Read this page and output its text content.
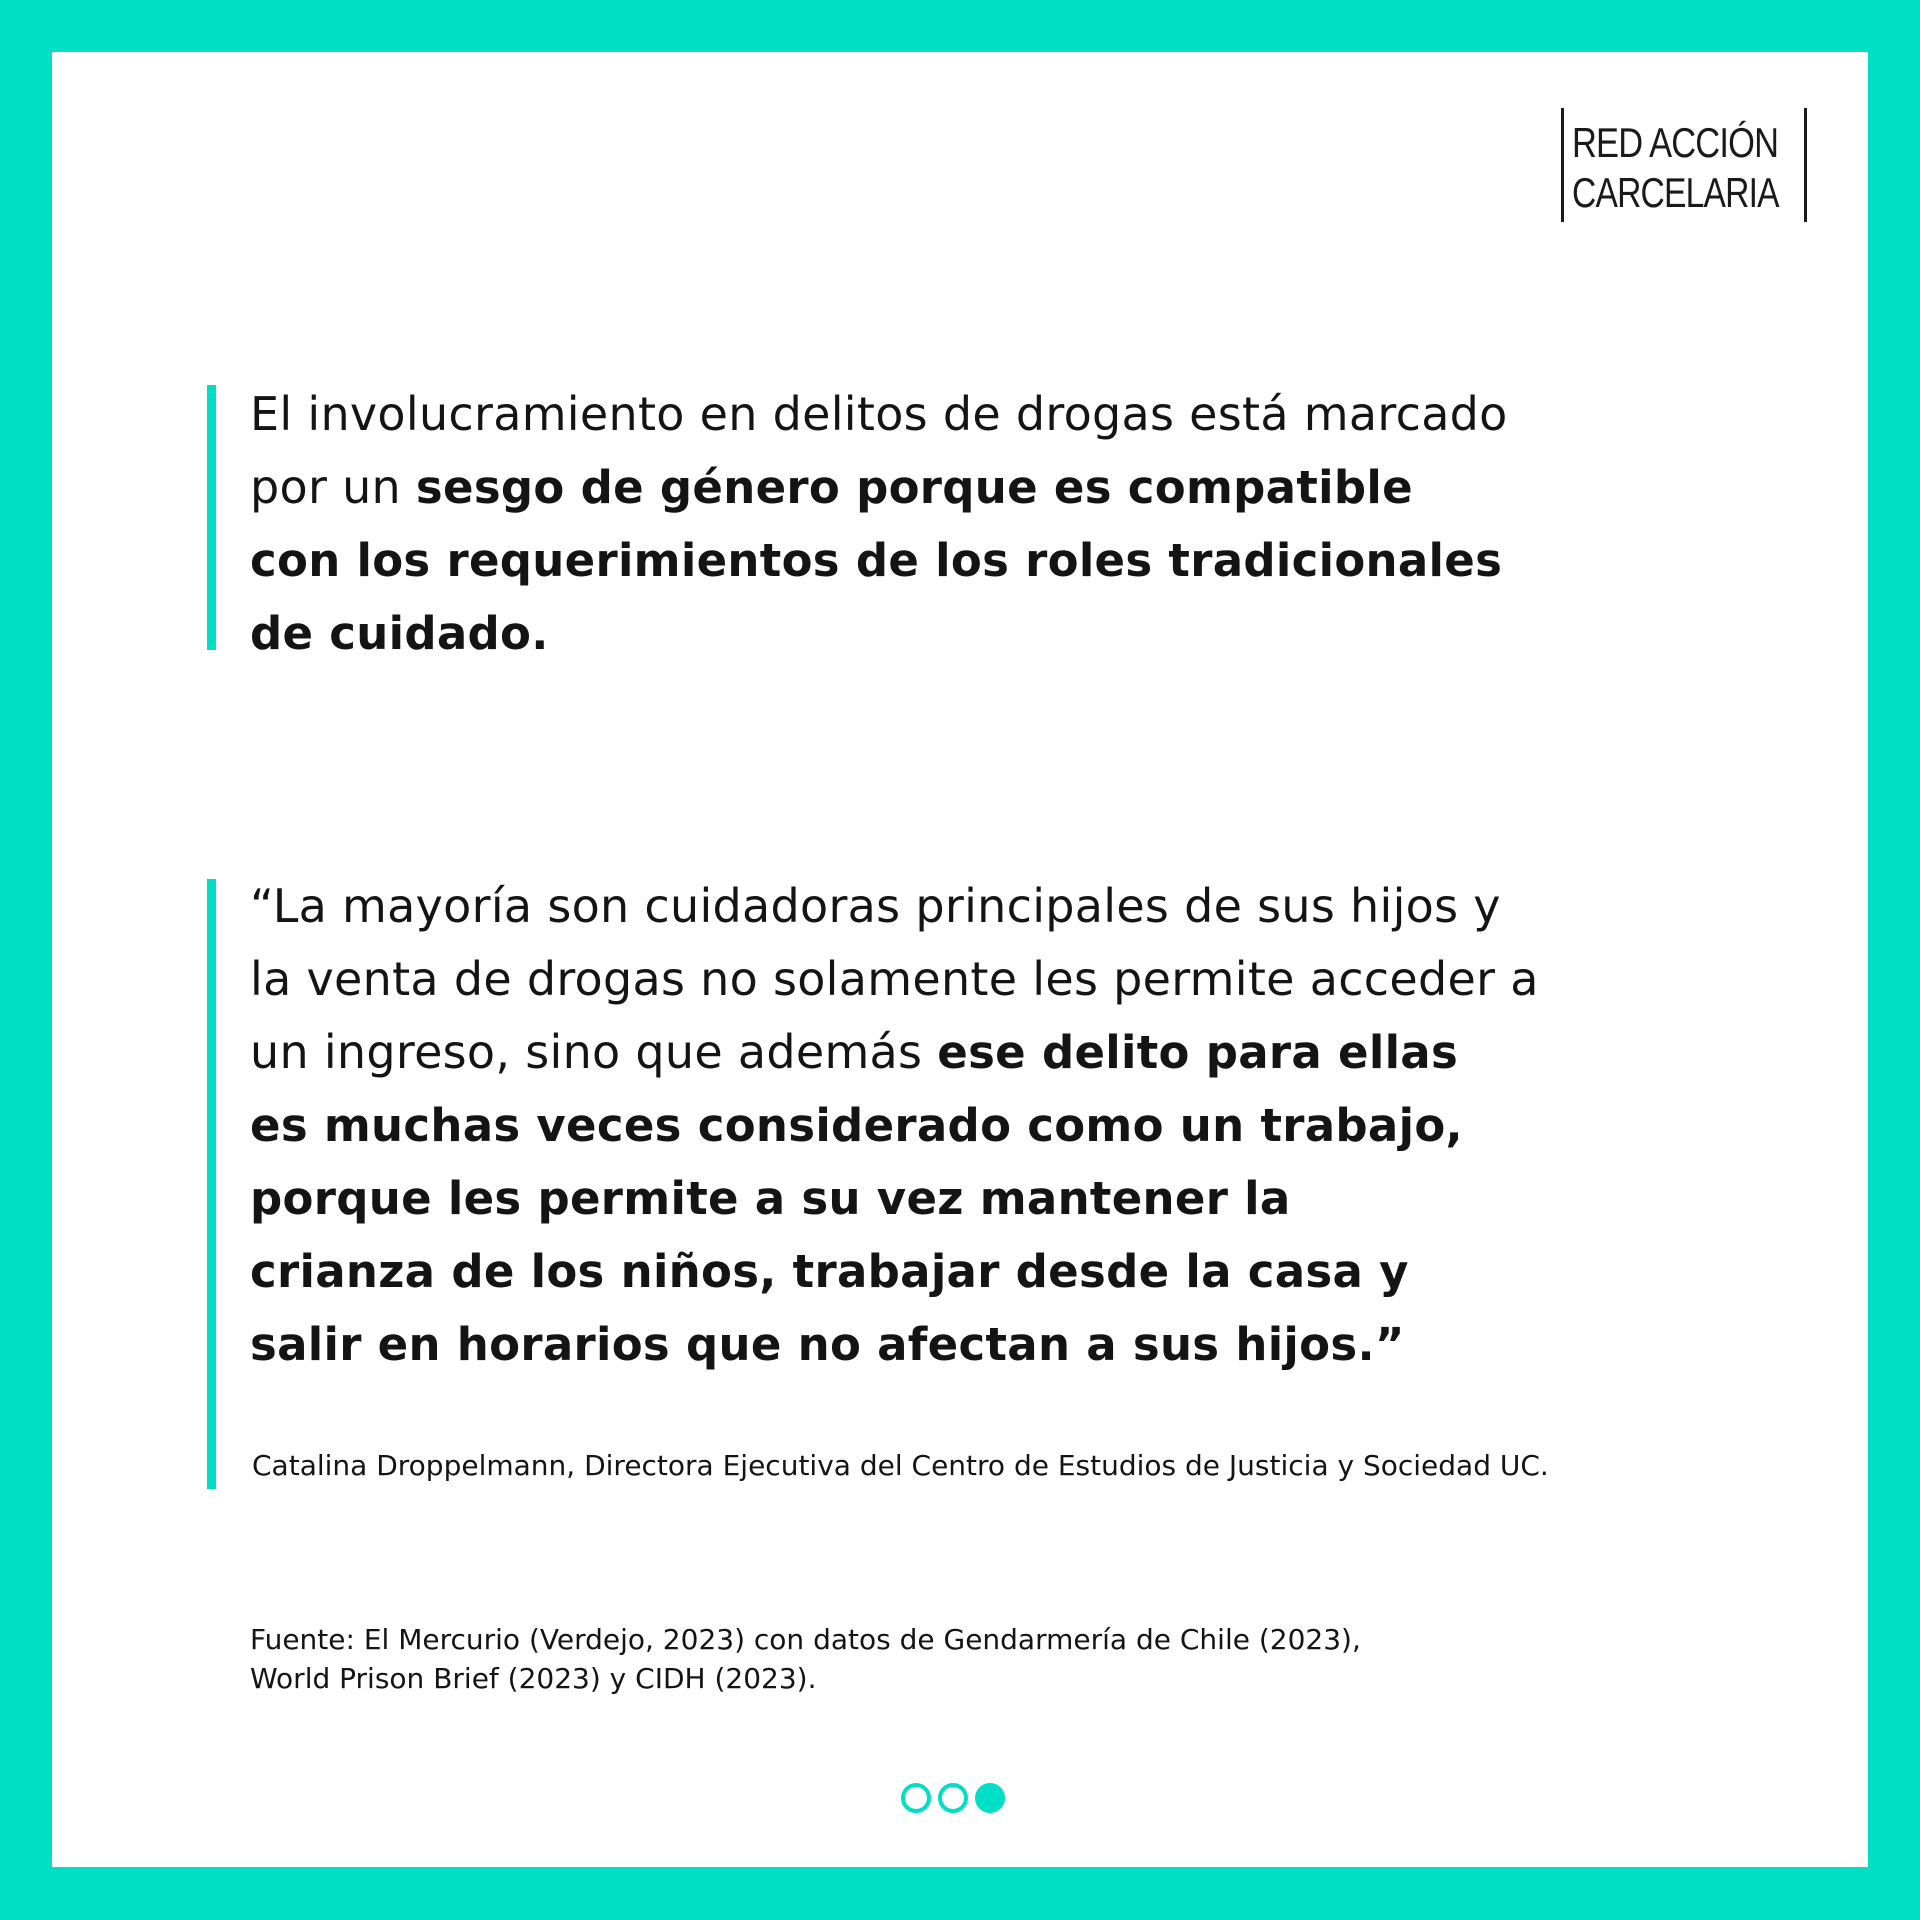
RED ACCIÓN
CARCELARIA
El involucramiento en delitos de drogas está marcado
por un sesgo de género porque es compatible
con los requerimientos de los roles tradicionales
de cuidado.
“La mayoría son cuidadoras principales de sus hijos y
la venta de drogas no solamente les permite acceder a
un ingreso, sino que además ese delito para ellas
es muchas veces considerado como un trabajo,
porque les permite a su vez mantener la
crianza de los niños, trabajar desde la casa y
salir en horarios que no afectan a sus hijos.”
Catalina Droppelmann, Directora Ejecutiva del Centro de Estudios de Justicia y Sociedad UC.
Fuente: El Mercurio (Verdejo, 2023) con datos de Gendarmería de Chile (2023),
World Prison Brief (2023) y CIDH (2023).
